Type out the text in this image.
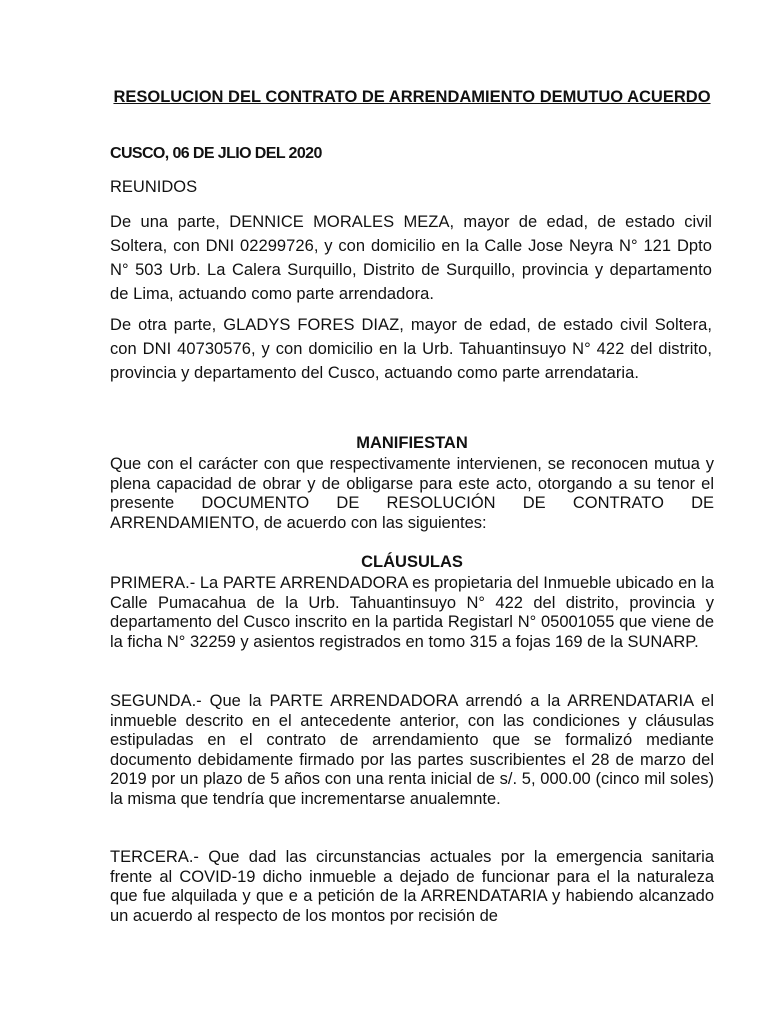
RESOLUCION DEL CONTRATO DE ARRENDAMIENTO DEMUTUO ACUERDO
CUSCO, 06 DE JLIO DEL 2020
REUNIDOS
De una parte, DENNICE MORALES MEZA, mayor de edad, de estado civil Soltera, con DNI 02299726, y con domicilio en la Calle Jose Neyra N° 121 Dpto N° 503 Urb. La Calera Surquillo, Distrito de Surquillo, provincia y departamento de Lima, actuando como parte arrendadora.
De otra parte, GLADYS FORES DIAZ, mayor de edad, de estado civil Soltera, con DNI 40730576, y con domicilio en la Urb. Tahuantinsuyo N° 422 del distrito, provincia y departamento del Cusco, actuando como parte arrendataria.
MANIFIESTAN
Que con el carácter con que respectivamente intervienen, se reconocen mutua y plena capacidad de obrar y de obligarse para este acto, otorgando a su tenor el presente DOCUMENTO DE RESOLUCIÓN DE CONTRATO DE ARRENDAMIENTO, de acuerdo con las siguientes:
CLÁUSULAS
PRIMERA.- La PARTE ARRENDADORA es propietaria del Inmueble ubicado en la Calle Pumacahua de la Urb. Tahuantinsuyo N° 422 del distrito, provincia y departamento del Cusco inscrito en la partida Registarl N° 05001055 que viene de la ficha N° 32259 y asientos registrados en tomo 315 a fojas 169 de la SUNARP.
SEGUNDA.- Que la PARTE ARRENDADORA arrendó a la ARRENDATARIA el inmueble descrito en el antecedente anterior, con las condiciones y cláusulas estipuladas en el contrato de arrendamiento que se formalizó mediante documento debidamente firmado por las partes suscribientes el 28 de marzo del 2019 por un plazo de 5 años con una renta inicial de s/. 5, 000.00 (cinco mil soles) la misma que tendría que incrementarse anualemnte.
TERCERA.- Que dad las circunstancias actuales por la emergencia sanitaria frente al COVID-19 dicho inmueble a dejado de funcionar para el la naturaleza que fue alquilada y que e a petición de la ARRENDATARIA y habiendo alcanzado un acuerdo al respecto de los montos por recisión de
